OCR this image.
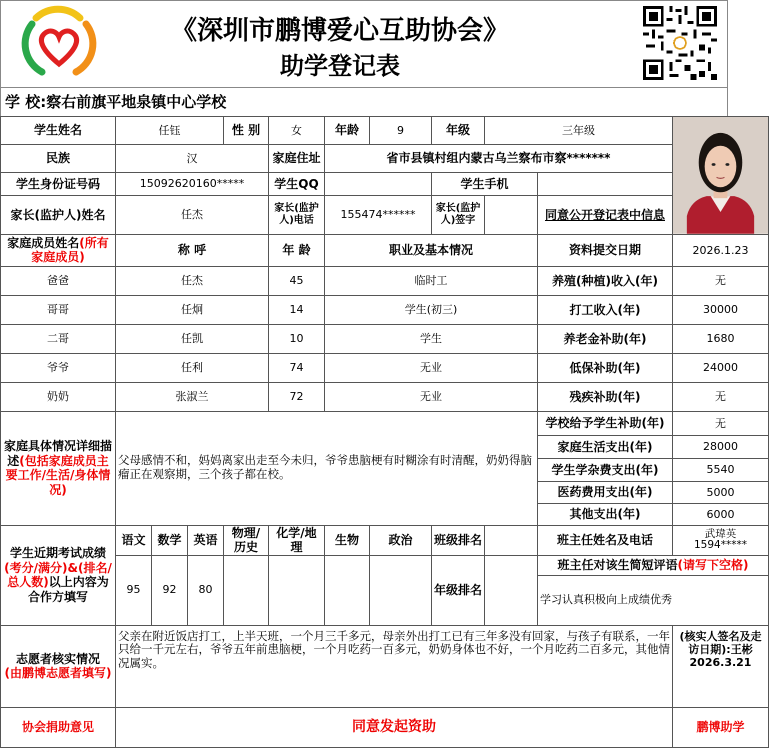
《深圳市鹏博爱心互助协会》
助学登记表
学 校:察右前旗平地泉镇中心学校
学生姓名	任钰			性 别	女	年龄	9	年级	三年级	

民族	汉				家庭住址	省市县镇村组内蒙古乌兰察布市察*******					
学生身份证号码	15092620160*****				学生QQ			学生手机			
家长(监护人)姓名	任杰				家长(监护人)电话	155474******		家长(监护人)签字		同意公开登记表中信息	
家庭成员姓名(所有家庭成员)	称 呼				年 龄	职业及基本情况				资料提交日期	2026.1.23
爸爸	任杰				45	临时工				养殖(种植)收入(年)	无
哥哥	任炯				14	学生(初三)				打工收入(年)	30000
二哥	任凯				10	学生				养老金补助(年)	1680
爷爷	任利				74	无业				低保补助(年)	24000
奶奶	张淑兰				72	无业				残疾补助(年)	无
家庭具体情况详细描述(包括家庭成员主要工作/生活/身体情况)	父母感情不和，妈妈离家出走至今未归，爷爷患脑梗有时糊涂有时清醒，奶奶得脑瘤正在观察期，三个孩子都在校。									学校给予学生补助(年)	无
										家庭生活支出(年)	28000
										学生学杂费支出(年)	5540
										医药费用支出(年)	5000
										其他支出(年)	6000
学生近期考试成绩(考分/满分)&(排名/总人数)以上内容为合作方填写	语文	数学	英语	物理/历史	化学/地理	生物	政治	班级排名		班主任姓名及电话	武瑋英
1594*****

	95	92	80					年级排名		班主任对该生简短评语(请写下空格)	
										学习认真积极向上成绩优秀	
志愿者核实情况
(由鹏博志愿者填写)	父亲在附近饭店打工，上半天班，一个月三千多元，母亲外出打工已有三年多没有回家，与孩子有联系，一年只给一千元左右，爷爷五年前患脑梗，一个月吃药一百多元，奶奶身体也不好，一个月吃药二百多元，其他情况属实。										(核实人签名及走访日期):王彬
2026.3.21
协会捐助意见	同意发起资助										鹏博助学
